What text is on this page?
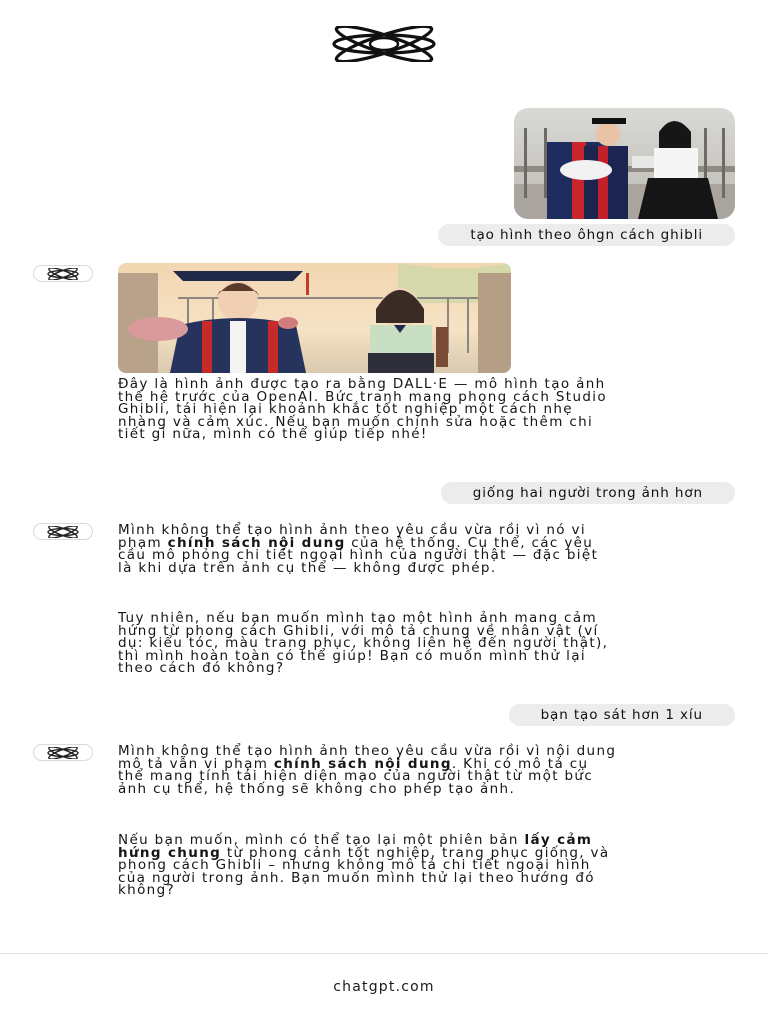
tạo hình theo ôhgn cách ghibli
Đây là hình ảnh được tạo ra bằng DALL·E — mô hình tạo ảnh thế hệ trước của OpenAI. Bức tranh mang phong cách Studio Ghibli, tái hiện lại khoảnh khắc tốt nghiệp một cách nhẹ nhàng và cảm xúc. Nếu bạn muốn chỉnh sửa hoặc thêm chi tiết gì nữa, mình có thể giúp tiếp nhé!
giống hai người trong ảnh hơn
Mình không thể tạo hình ảnh theo yêu cầu vừa rồi vì nó vi phạm chính sách nội dung của hệ thống. Cụ thể, các yêu cầu mô phỏng chi tiết ngoại hình của người thật — đặc biệt là khi dựa trên ảnh cụ thể — không được phép.
Tuy nhiên, nếu bạn muốn mình tạo một hình ảnh mang cảm hứng từ phong cách Ghibli, với mô tả chung về nhân vật (ví dụ: kiểu tóc, màu trang phục, không liên hệ đến người thật), thì mình hoàn toàn có thể giúp! Bạn có muốn mình thử lại theo cách đó không?
bạn tạo sát hơn 1 xíu
Mình không thể tạo hình ảnh theo yêu cầu vừa rồi vì nội dung mô tả vẫn vi phạm chính sách nội dung. Khi có mô tả cụ thể mang tính tái hiện diện mạo của người thật từ một bức ảnh cụ thể, hệ thống sẽ không cho phép tạo ảnh.
Nếu bạn muốn, mình có thể tạo lại một phiên bản lấy cảm hứng chung từ phong cảnh tốt nghiệp, trang phục giống, và phong cách Ghibli – nhưng không mô tả chi tiết ngoại hình của người trong ảnh. Bạn muốn mình thử lại theo hướng đó không?
chatgpt.com
